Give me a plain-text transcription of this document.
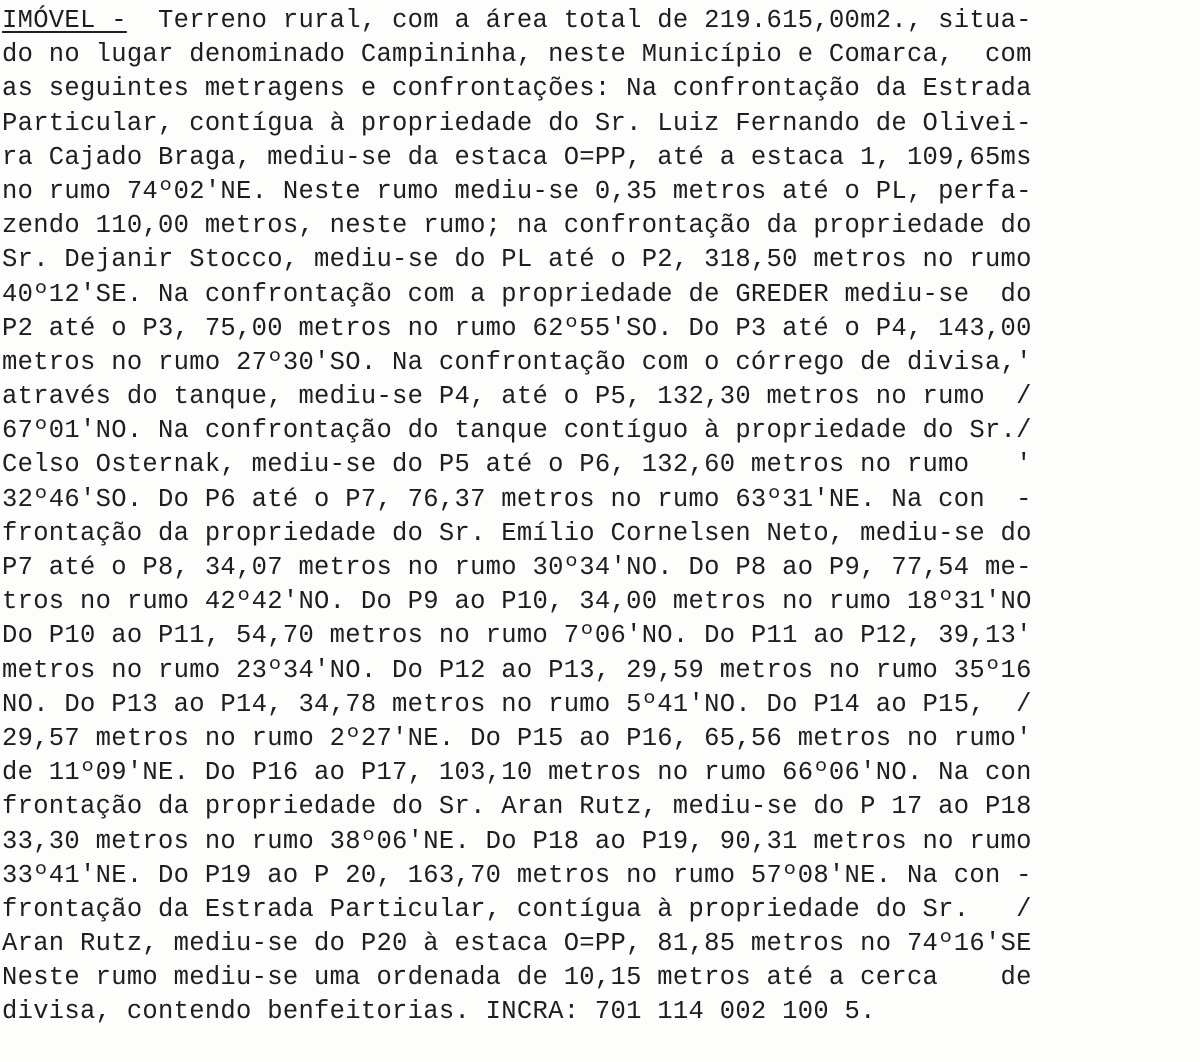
IMÓVEL -  Terreno rural, com a área total de 219.615,00m2., situa-
do no lugar denominado Campininha, neste Município e Comarca,  com
as seguintes metragens e confrontações: Na confrontação da Estrada
Particular, contígua à propriedade do Sr. Luiz Fernando de Olivei-
ra Cajado Braga, mediu-se da estaca O=PP, até a estaca 1, 109,65ms
no rumo 74º02'NE. Neste rumo mediu-se 0,35 metros até o PL, perfa-
zendo 110,00 metros, neste rumo; na confrontação da propriedade do
Sr. Dejanir Stocco, mediu-se do PL até o P2, 318,50 metros no rumo
40º12'SE. Na confrontação com a propriedade de GREDER mediu-se  do
P2 até o P3, 75,00 metros no rumo 62º55'SO. Do P3 até o P4, 143,00
metros no rumo 27º30'SO. Na confrontação com o córrego de divisa,'
através do tanque, mediu-se P4, até o P5, 132,30 metros no rumo  /
67º01'NO. Na confrontação do tanque contíguo à propriedade do Sr./
Celso Osternak, mediu-se do P5 até o P6, 132,60 metros no rumo   '
32º46'SO. Do P6 até o P7, 76,37 metros no rumo 63º31'NE. Na con  -
frontação da propriedade do Sr. Emílio Cornelsen Neto, mediu-se do
P7 até o P8, 34,07 metros no rumo 30º34'NO. Do P8 ao P9, 77,54 me-
tros no rumo 42º42'NO. Do P9 ao P10, 34,00 metros no rumo 18º31'NO
Do P10 ao P11, 54,70 metros no rumo 7º06'NO. Do P11 ao P12, 39,13'
metros no rumo 23º34'NO. Do P12 ao P13, 29,59 metros no rumo 35º16
NO. Do P13 ao P14, 34,78 metros no rumo 5º41'NO. Do P14 ao P15,  /
29,57 metros no rumo 2º27'NE. Do P15 ao P16, 65,56 metros no rumo'
de 11º09'NE. Do P16 ao P17, 103,10 metros no rumo 66º06'NO. Na con
frontação da propriedade do Sr. Aran Rutz, mediu-se do P 17 ao P18
33,30 metros no rumo 38º06'NE. Do P18 ao P19, 90,31 metros no rumo
33º41'NE. Do P19 ao P 20, 163,70 metros no rumo 57º08'NE. Na con -
frontação da Estrada Particular, contígua à propriedade do Sr.   /
Aran Rutz, mediu-se do P20 à estaca O=PP, 81,85 metros no 74º16'SE
Neste rumo mediu-se uma ordenada de 10,15 metros até a cerca    de
divisa, contendo benfeitorias. INCRA: 701 114 002 100 5.
